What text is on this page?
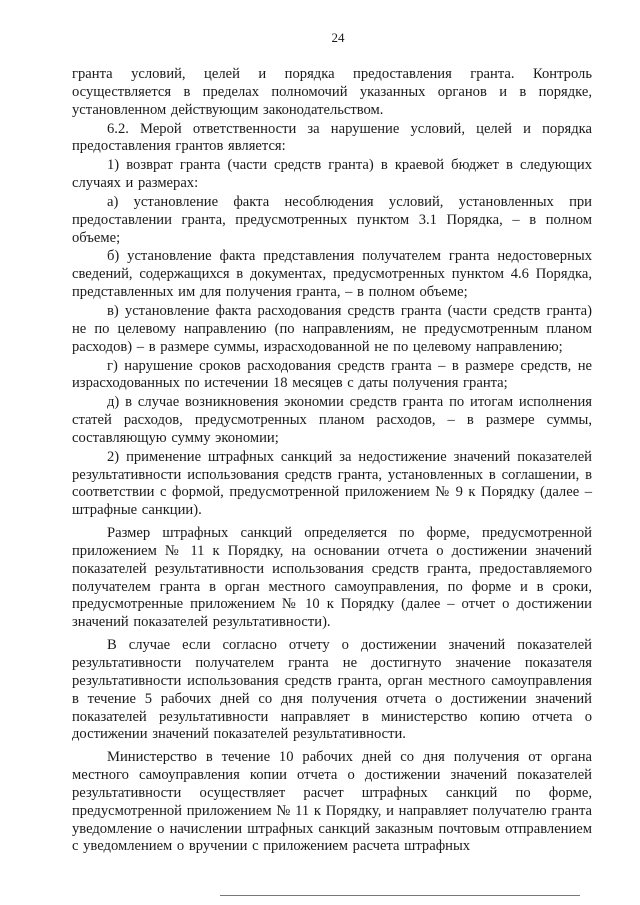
24

гранта условий, целей и порядка предоставления гранта. Контроль осуществляется в пределах полномочий указанных органов и в порядке, установленном действующим законодательством.

6.2. Мерой ответственности за нарушение условий, целей и порядка предоставления грантов является:

1) возврат гранта (части средств гранта) в краевой бюджет в следующих случаях и размерах:

а) установление факта несоблюдения условий, установленных при предоставлении гранта, предусмотренных пунктом 3.1 Порядка, – в полном объеме;

б) установление факта представления получателем гранта недостоверных сведений, содержащихся в документах, предусмотренных пунктом 4.6 Порядка, представленных им для получения гранта, – в полном объеме;

в) установление факта расходования средств гранта (части средств гранта) не по целевому направлению (по направлениям, не предусмотренным планом расходов) – в размере суммы, израсходованной не по целевому направлению;

г) нарушение сроков расходования средств гранта – в размере средств, не израсходованных по истечении 18 месяцев с даты получения гранта;

д) в случае возникновения экономии средств гранта по итогам исполнения статей расходов, предусмотренных планом расходов, – в размере суммы, составляющую сумму экономии;

2) применение штрафных санкций за недостижение значений показателей результативности использования средств гранта, установленных в соглашении, в соответствии с формой, предусмотренной приложением № 9 к Порядку (далее – штрафные санкции).

Размер штрафных санкций определяется по форме, предусмотренной приложением № 11 к Порядку, на основании отчета о достижении значений показателей результативности использования средств гранта, предоставляемого получателем гранта в орган местного самоуправления, по форме и в сроки, предусмотренные приложением № 10 к Порядку (далее – отчет о достижении значений показателей результативности).

В случае если согласно отчету о достижении значений показателей результативности получателем гранта не достигнуто значение показателя результативности использования средств гранта, орган местного самоуправления в течение 5 рабочих дней со дня получения отчета о достижении значений показателей результативности направляет в министерство копию отчета о достижении значений показателей результативности.

Министерство в течение 10 рабочих дней со дня получения от органа местного самоуправления копии отчета о достижении значений показателей результативности осуществляет расчет штрафных санкций по форме, предусмотренной приложением № 11 к Порядку, и направляет получателю гранта уведомление о начислении штрафных санкций заказным почтовым отправлением с уведомлением о вручении с приложением расчета штрафных
